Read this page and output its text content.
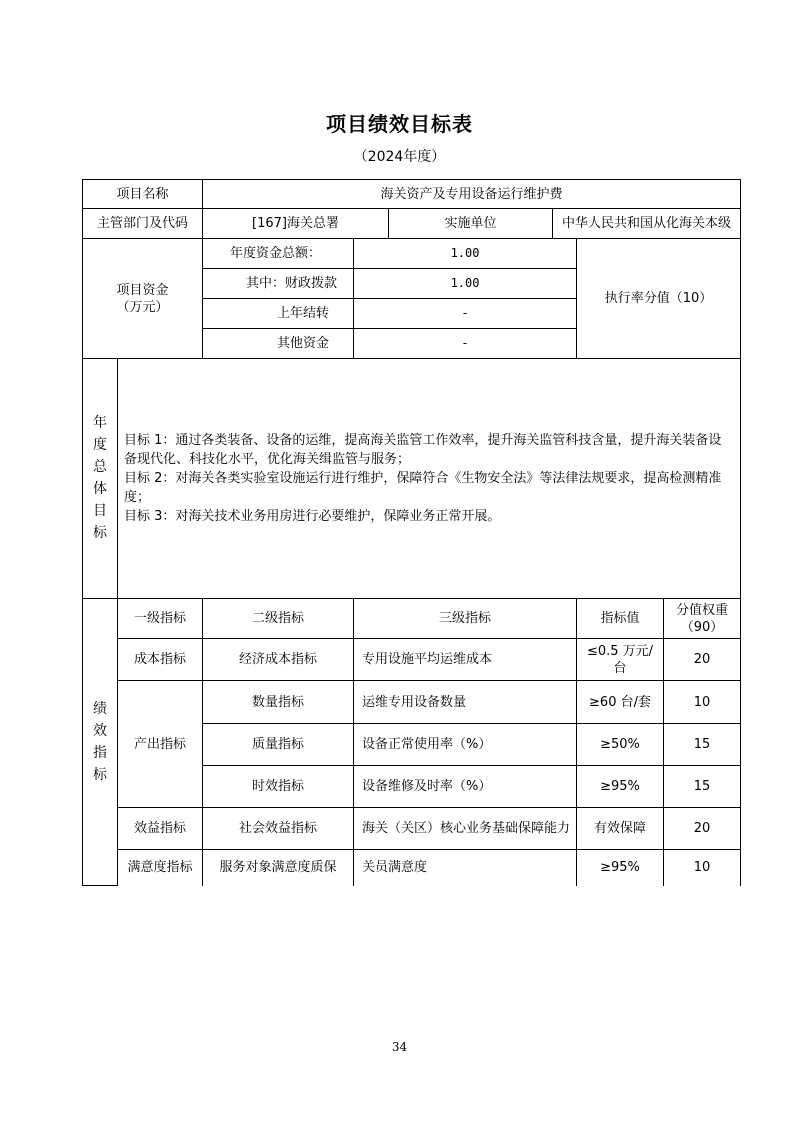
项目绩效目标表
（2024年度）
项目名称		海关资产及专用设备运行维护费					
主管部门及代码		[167]海关总署		实施单位	中华人民共和国从化海关本级		
项目资金（万元）		年度资金总额：	1.00			执行率分值（10）	
		其中：财政拨款	1.00				
		上年结转	-				
		其他资金	-				
年度总体目标	目标 1：通过各类装备、设备的运维，提高海关监管工作效率，提升海关监管科技含量，提升海关装备设备现代化、科技化水平，优化海关缉监管与服务；

目标 2：对海关各类实验室设施运行进行维护，保障符合《生物安全法》等法律法规要求，提高检测精准度；

目标 3：对海关技术业务用房进行必要维护，保障业务正常开展。						

绩效指标	一级指标	二级指标	三级指标			指标值	分值权重（90）
	成本指标	经济成本指标	专用设施平均运维成本			≤0.5 万元/台	20
	产出指标	数量指标	运维专用设备数量			≥60 台/套	10
		质量指标	设备正常使用率（%）			≥50%	15
		时效指标	设备维修及时率（%）			≥95%	15
	效益指标	社会效益指标	海关（关区）核心业务基础保障能力			有效保障	20
	满意度指标	服务对象满意度质保	关员满意度			≥95%	10
34
